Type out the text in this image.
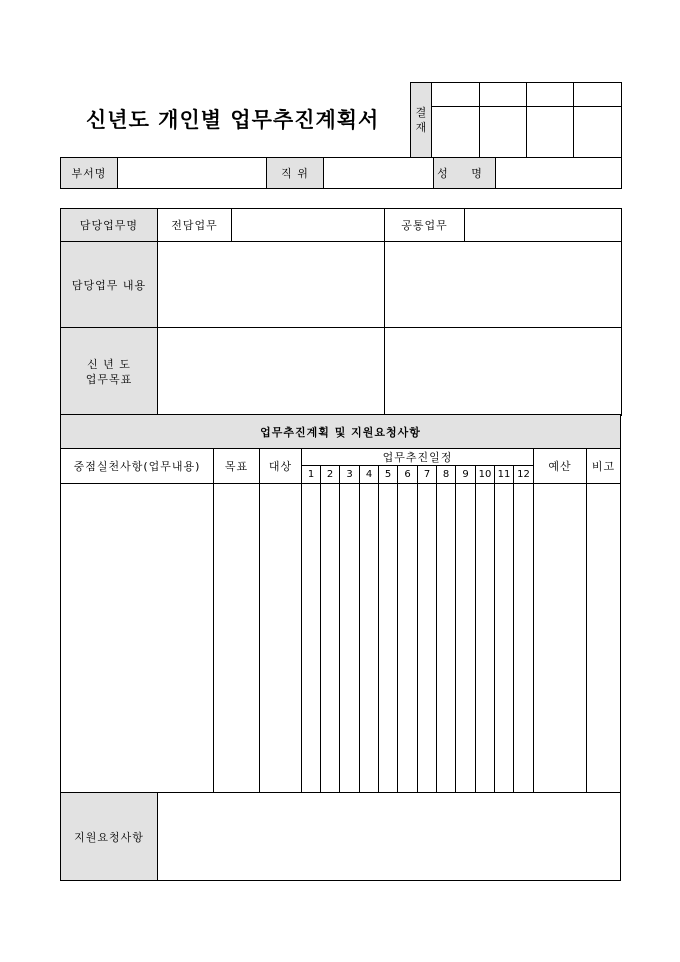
신년도 개인별 업무추진계획서	결
재				

부서명		직 위		성 명	
담당업무명	전담업무		공통업무	
담당업무 내용				
신 년 도
업무목표				
업무추진계획 및 지원요청사항																
중점실천사항(업무내용)	목표	대상	업무추진일정												예산	비고
			1	2	3	4	5	6	7	8	9	10	11	12		

지원요청사항																
